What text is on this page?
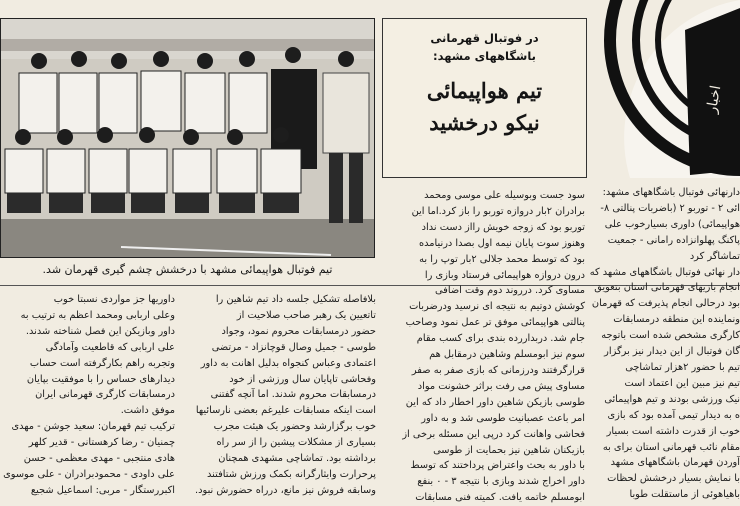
تیم فوتبال هواپیمائی مشهد با درخشش چشم گیری قهرمان شد.
در فوتبال قهرمانی
باشگاههای مشهد:
تیم هواپیمائی
نیکو درخشید
اخبار
دارنهائی فوتبال باشگاههای مشهد:
ائی ۲ - توربو ۲ (باضربات پنالتی ۸-
هواپیمائی) داوری بسیارخوب علی
پاکنگ پهلوانزاده رامانی - جمعیت
تماشاگر کرد
دار نهائی فوتبال باشگاههای مشهد که
انجام بازیهای قهرمانی استان بتعویق
بود درحالی انجام پذیرفت که قهرمان
ونماینده این منطقه درمسابقات
کارگری مشخص شده است باتوجه
گان فوتبال از این دیدار نیز برگزار
تیم با حضور ۲هزار تماشاچی
تیم نیز مبین این اعتماد است
نیک ورزشی بودند و تیم هواپیمائی
ه به دیدار تیمی آمده بود که بازی
خوب از قدرت داشته است بسیار
مقام نائب قهرمانی استان برای به
آوردن قهرمان باشگاههای مشهد
با نمایش بسیار درخشش لحظات
باهیاهوئی از ماستقلت طوبا
سود جست وبوسیله علی موسی ومحمد
برادران ۲بار دروازه توربو را باز کرد.اما این
توربو بود که زوجه خویش رااز دست نداد
وهنوز سوت پایان نیمه اول بصدا درنیامده
بود که توسط محمد جلالی ۲بار توپ را به
درون دروازه هواپیمائی فرستاد وبازی را
مساوی کرد. درروند دوم وقت اضافی
کوشش دوتیم به نتیجه ای نرسید ودرضربات
پنالتی هواپیمائی موفق تر عمل نمود وصاحب
جام شد. دربداررده بندی برای کسب مقام
سوم نیز ابومسلم وشاهین درمقابل هم
قرارگرفتند ودرزمانی که بازی صفر به صفر
مساوی پیش می رفت براثر خشونت مواد
طوسی بازیکن شاهین داور اخطار داد که این
امر باعث عصبانیت طوسی شد و به داور
فحاشی واهانت کرد درپی این مسئله برخی از
بازیکنان شاهین نیز بحمایت از طوسی
با داور به بحث واعتراض پرداختند که توسط
داور اخراج شدند وبازی با نتیجه ۳ - ۰ بنفع
ابومسلم خاتمه یافت. کمیته فنی مسابقات
بلافاصله تشکیل جلسه داد تیم شاهین را
تاتعیین یک رهبر صاحب صلاحیت از
حضور درمسابقات محروم نمود، وجواد
طوسی - جمیل وصال قوچانزاد - مرتضی
اعتمادی وعباس کنجواه بدلیل اهانت به داور
وفحاشی تاپایان سال ورزشی از خود
درمسابقات محروم شدند. اما آنچه گفتنی
است اینکه مسابقات علیرغم بعضی نارسائیها
خوب برگزارشد وحضور یک هیئت مجرب
بسیاری از مشکلات پیشین را از سر راه
برداشته بود. تماشاچی مشهدی همچنان
پرحرارت وایثارگرانه بکمک ورزش شتافتند
وسابقه فروش نیز مانع، درراه حضورش نبود.
داوریها جز مواردی نسبتا خوب
وعلی اربابی ومحمد اعظم به ترتیب به
داور وبازیکن این فصل شناخته شدند.
علی اربابی که قاطعیت وآمادگی
وتجربه راهم بکارگرفته است حساب
دیدارهای حساس را با موفقیت بپایان
درمسابقات کارگری قهرمانی ایران
موفق داشت.
ترکیب تیم قهرمان: سعید جوشن - مهدی
چمنیان - رضا کرهستانی - قدیر کلهر
هادی منتجبی - مهدی معظمی - حسن
علی داودی - محمودبرادران - علی موسوی
اکبررستگار - مربی: اسماعیل شجیع
